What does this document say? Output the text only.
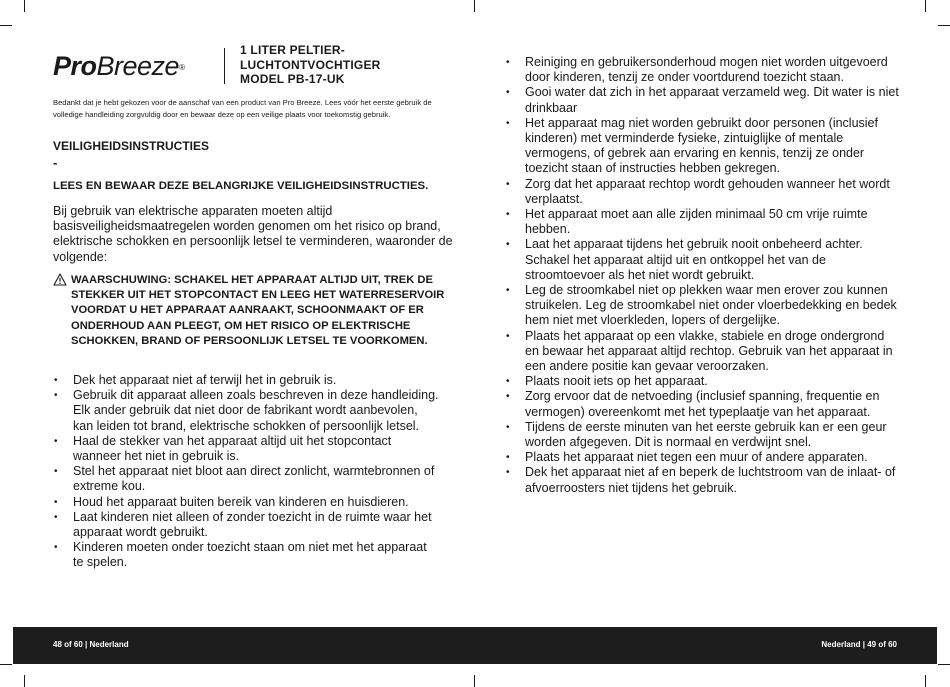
ProBreeze®
1 LITER PELTIER-
LUCHTONTVOCHTIGER
MODEL PB-17-UK
Bedankt dat je hebt gekozen voor de aanschaf van een product van Pro Breeze. Lees vóór het eerste gebruik de volledige handleiding zorgvuldig door en bewaar deze op een veilige plaats voor toekomstig gebruik.
VEILIGHEIDSINSTRUCTIES
-
LEES EN BEWAAR DEZE BELANGRIJKE VEILIGHEIDSINSTRUCTIES.
Bij gebruik van elektrische apparaten moeten altijd basisveiligheidsmaatregelen worden genomen om het risico op brand, elektrische schokken en persoonlijk letsel te verminderen, waaronder de volgende:
WAARSCHUWING: SCHAKEL HET APPARAAT ALTIJD UIT, TREK DE STEKKER UIT HET STOPCONTACT EN LEEG HET WATERRESERVOIR VOORDAT U HET APPARAAT AANRAAKT, SCHOONMAAKT OF ER ONDERHOUD AAN PLEEGT, OM HET RISICO OP ELEKTRISCHE SCHOKKEN, BRAND OF PERSOONLIJK LETSEL TE VOORKOMEN.
• Dek het apparaat niet af terwijl het in gebruik is.
• Gebruik dit apparaat alleen zoals beschreven in deze handleiding. Elk ander gebruik dat niet door de fabrikant wordt aanbevolen, kan leiden tot brand, elektrische schokken of persoonlijk letsel.
• Haal de stekker van het apparaat altijd uit het stopcontact wanneer het niet in gebruik is.
• Stel het apparaat niet bloot aan direct zonlicht, warmtebronnen of extreme kou.
• Houd het apparaat buiten bereik van kinderen en huisdieren.
• Laat kinderen niet alleen of zonder toezicht in de ruimte waar het apparaat wordt gebruikt.
• Kinderen moeten onder toezicht staan om niet met het apparaat te spelen.
• Reiniging en gebruikersonderhoud mogen niet worden uitgevoerd door kinderen, tenzij ze onder voortdurend toezicht staan.
• Gooi water dat zich in het apparaat verzameld weg. Dit water is niet drinkbaar
• Het apparaat mag niet worden gebruikt door personen (inclusief kinderen) met verminderde fysieke, zintuiglijke of mentale vermogens, of gebrek aan ervaring en kennis, tenzij ze onder toezicht staan of instructies hebben gekregen.
• Zorg dat het apparaat rechtop wordt gehouden wanneer het wordt verplaatst.
• Het apparaat moet aan alle zijden minimaal 50 cm vrije ruimte hebben.
• Laat het apparaat tijdens het gebruik nooit onbeheerd achter. Schakel het apparaat altijd uit en ontkoppel het van de stroomtoevoer als het niet wordt gebruikt.
• Leg de stroomkabel niet op plekken waar men erover zou kunnen struikelen. Leg de stroomkabel niet onder vloerbedekking en bedek hem niet met vloerkleden, lopers of dergelijke.
• Plaats het apparaat op een vlakke, stabiele en droge ondergrond en bewaar het apparaat altijd rechtop. Gebruik van het apparaat in een andere positie kan gevaar veroorzaken.
• Plaats nooit iets op het apparaat.
• Zorg ervoor dat de netvoeding (inclusief spanning, frequentie en vermogen) overeenkomt met het typeplaatje van het apparaat.
• Tijdens de eerste minuten van het eerste gebruik kan er een geur worden afgegeven. Dit is normaal en verdwijnt snel.
• Plaats het apparaat niet tegen een muur of andere apparaten.
• Dek het apparaat niet af en beperk de luchtstroom van de inlaat- of afvoerroosters niet tijdens het gebruik.
48 of 60 | Nederland	Nederland | 49 of 60
